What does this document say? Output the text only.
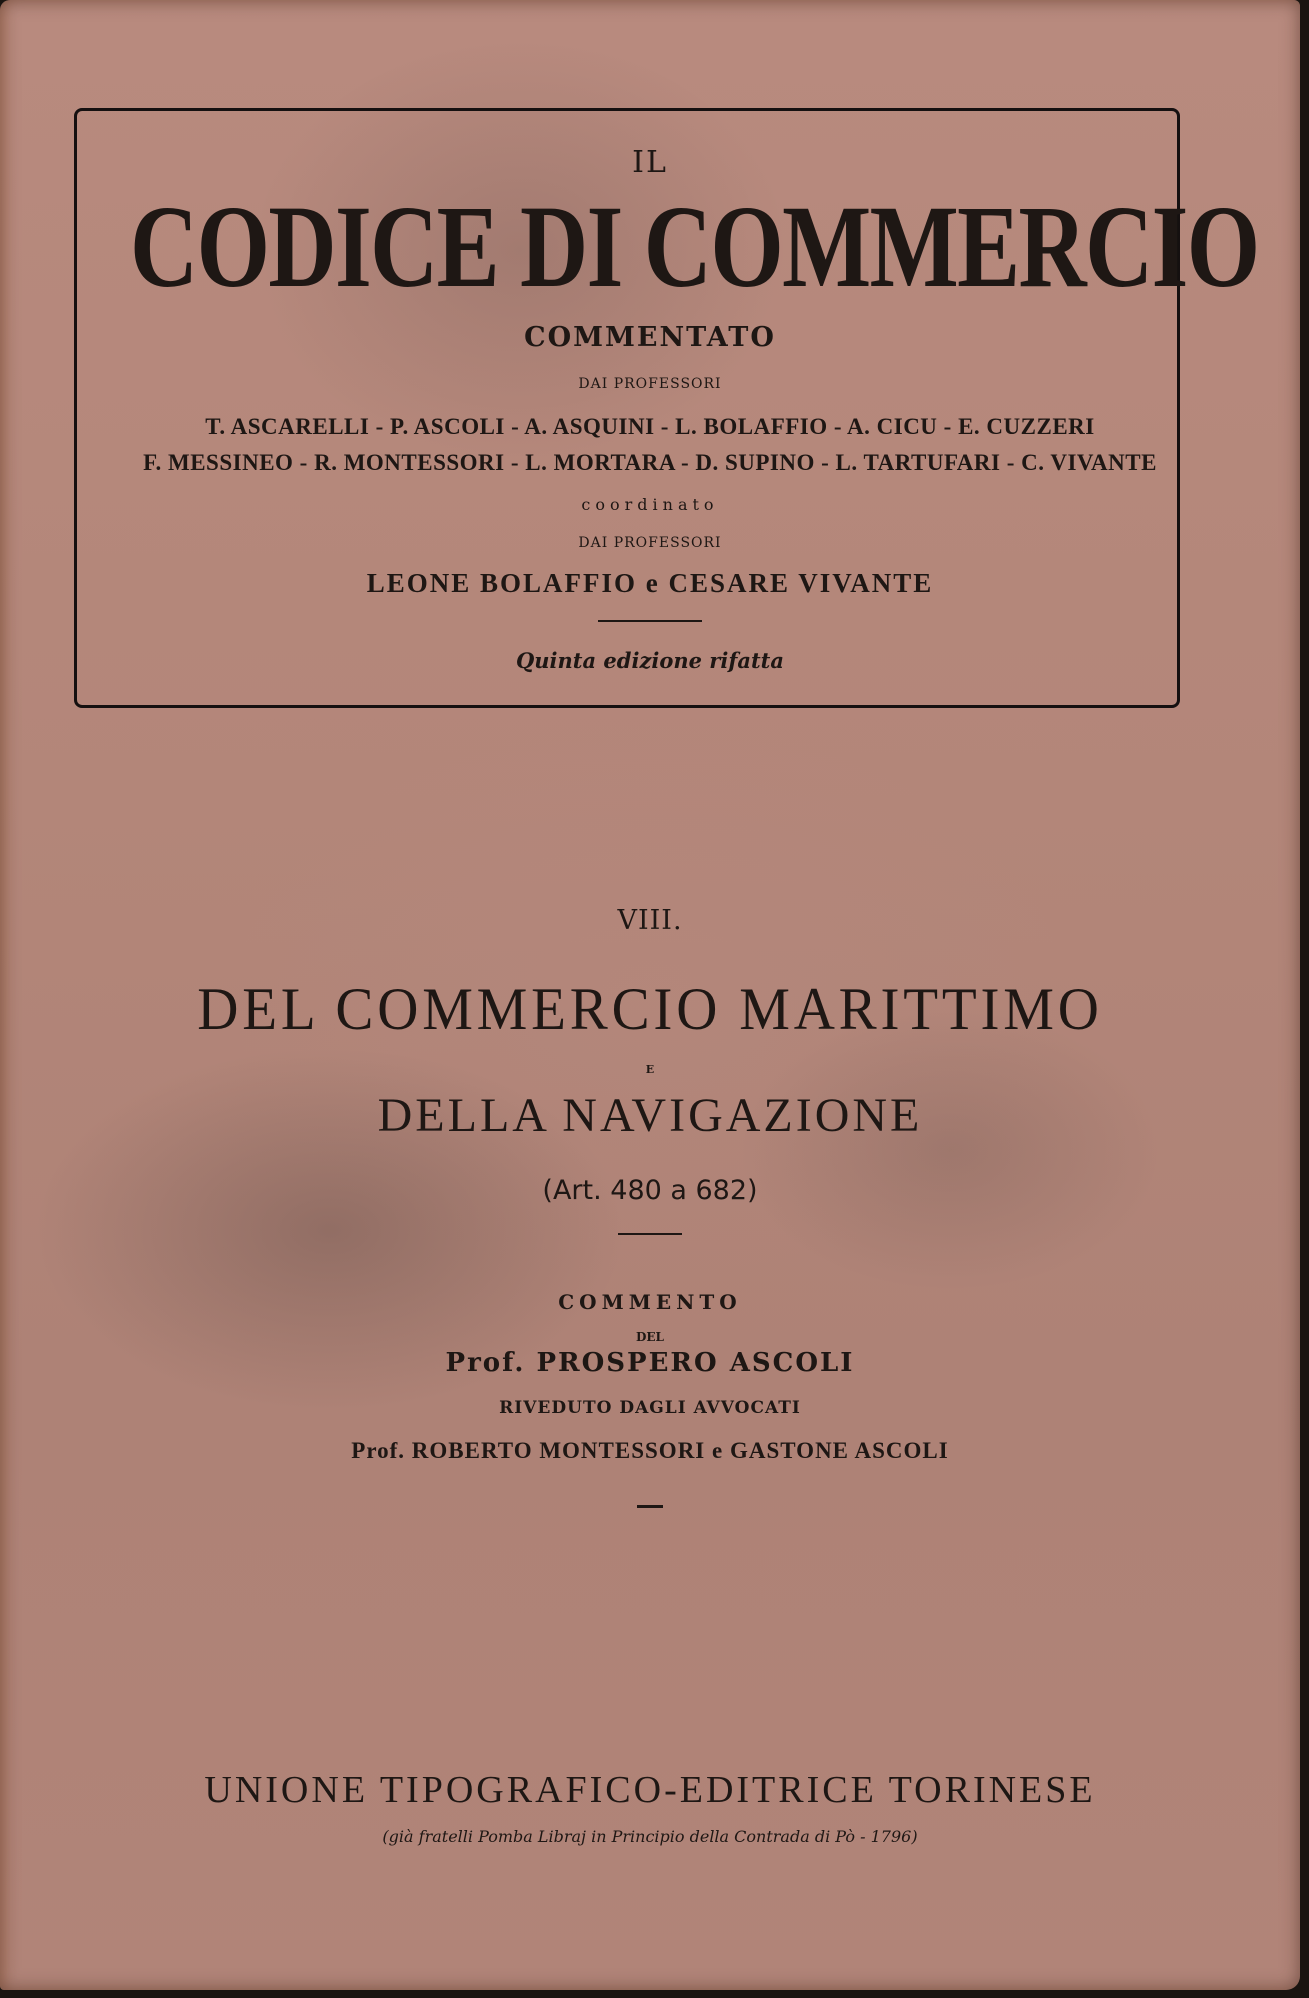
IL
CODICE DI COMMERCIO
COMMENTATO
DAI PROFESSORI
T. ASCARELLI - P. ASCOLI - A. ASQUINI - L. BOLAFFIO - A. CICU - E. CUZZERI
F. MESSINEO - R. MONTESSORI - L. MORTARA - D. SUPINO - L. TARTUFARI - C. VIVANTE
coordinato
DAI PROFESSORI
LEONE BOLAFFIO e CESARE VIVANTE
Quinta edizione rifatta
VIII.
DEL COMMERCIO MARITTIMO
E
DELLA NAVIGAZIONE
(Art. 480 a 682)
COMMENTO
DEL
Prof. PROSPERO ASCOLI
RIVEDUTO DAGLI AVVOCATI
Prof. ROBERTO MONTESSORI e GASTONE ASCOLI
UNIONE TIPOGRAFICO-EDITRICE TORINESE
(già fratelli Pomba Libraj in Principio della Contrada di Pò - 1796)
